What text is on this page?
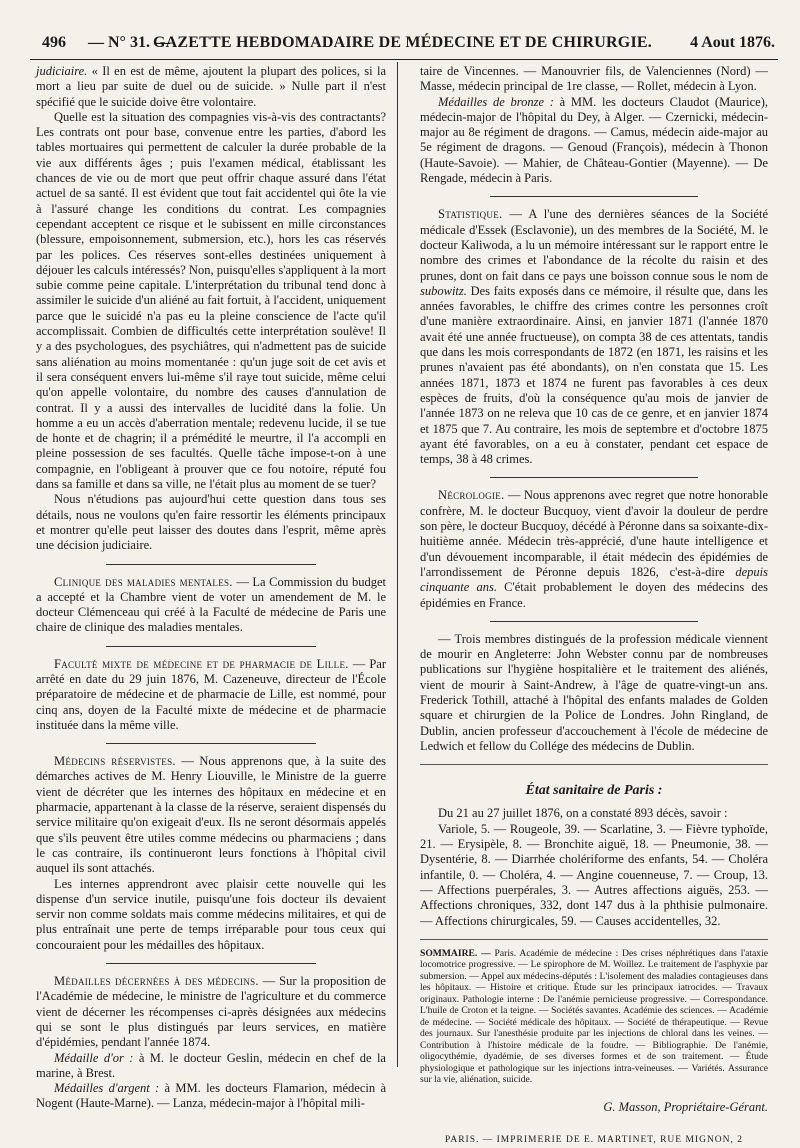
496 — N° 31. —
GAZETTE HEBDOMADAIRE DE MÉDECINE ET DE CHIRURGIE.	4 Aout 1876.

judiciaire. « Il en est de même, ajoutent la plupart des polices, si la mort a lieu par suite de duel ou de suicide. » Nulle part il n'est spécifié que le suicide doive être volontaire.

Quelle est la situation des compagnies vis-à-vis des contractants? Les contrats ont pour base, convenue entre les parties, d'abord les tables mortuaires qui permettent de calculer la durée probable de la vie aux différents âges ; puis l'examen médical, établissant les chances de vie ou de mort que peut offrir chaque assuré dans l'état actuel de sa santé. Il est évident que tout fait accidentel qui ôte la vie à l'assuré change les conditions du contrat. Les compagnies cependant acceptent ce risque et le subissent en mille circonstances (blessure, empoisonnement, submersion, etc.), hors les cas réservés par les polices. Ces réserves sont-elles destinées uniquement à déjouer les calculs intéressés? Non, puisqu'elles s'appliquent à la mort subie comme peine capitale. L'interprétation du tribunal tend donc à assimiler le suicide d'un aliéné au fait fortuit, à l'accident, uniquement parce que le suicidé n'a pas eu la pleine conscience de l'acte qu'il accomplissait. Combien de difficultés cette interprétation soulève! Il y a des psychologues, des psychiâtres, qui n'admettent pas de suicide sans aliénation au moins momentanée : qu'un juge soit de cet avis et il sera conséquent envers lui-même s'il raye tout suicide, même celui qu'on appelle volontaire, du nombre des causes d'annulation de contrat. Il y a aussi des intervalles de lucidité dans la folie. Un homme a eu un accès d'aberration mentale; redevenu lucide, il se tue de honte et de chagrin; il a prémédité le meurtre, il l'a accompli en pleine possession de ses facultés. Quelle tâche impose-t-on à une compagnie, en l'obligeant à prouver que ce fou notoire, réputé fou dans sa famille et dans sa ville, ne l'était plus au moment de se tuer?

Nous n'étudions pas aujourd'hui cette question dans tous ses détails, nous ne voulons qu'en faire ressortir les éléments principaux et montrer qu'elle peut laisser des doutes dans l'esprit, même après une décision judiciaire.

Clinique des maladies mentales. — La Commission du budget a accepté et la Chambre vient de voter un amendement de M. le docteur Clémenceau qui créé à la Faculté de médecine de Paris une chaire de clinique des maladies mentales.

Faculté mixte de médecine et de pharmacie de Lille. — Par arrêté en date du 29 juin 1876, M. Cazeneuve, directeur de l'École préparatoire de médecine et de pharmacie de Lille, est nommé, pour cinq ans, doyen de la Faculté mixte de médecine et de pharmacie instituée dans la même ville.

Médecins réservistes. — Nous apprenons que, à la suite des démarches actives de M. Henry Liouville, le Ministre de la guerre vient de décréter que les internes des hôpitaux en médecine et en pharmacie, appartenant à la classe de la réserve, seraient dispensés du service militaire qu'on exigeait d'eux. Ils ne seront désormais appelés que s'ils peuvent être utiles comme médecins ou pharmaciens ; dans le cas contraire, ils continueront leurs fonctions à l'hôpital civil auquel ils sont attachés.

Les internes apprendront avec plaisir cette nouvelle qui les dispense d'un service inutile, puisqu'une fois docteur ils devaient servir non comme soldats mais comme médecins militaires, et qui de plus entraînait une perte de temps irréparable pour tous ceux qui concouraient pour les médailles des hôpitaux.

Médailles décernées à des médecins. — Sur la proposition de l'Académie de médecine, le ministre de l'agriculture et du commerce vient de décerner les récompenses ci-après désignées aux médecins qui se sont le plus distingués par leurs services, en matière d'épidémies, pendant l'année 1874.

Médaille d'or : à M. le docteur Geslin, médecin en chef de la marine, à Brest.

Médailles d'argent : à MM. les docteurs Flamarion, médecin à Nogent (Haute-Marne). — Lanza, médecin-major à l'hôpital mili-

taire de Vincennes. — Manouvrier fils, de Valenciennes (Nord) — Masse, médecin principal de 1re classe, — Rollet, médecin à Lyon.

Médailles de bronze : à MM. les docteurs Claudot (Maurice), médecin-major de l'hôpital du Dey, à Alger. — Czernicki, médecin-major au 8e régiment de dragons. — Camus, médecin aide-major au 5e régiment de dragons. — Genoud (François), médecin à Thonon (Haute-Savoie). — Mahier, de Château-Gontier (Mayenne). — De Rengade, médecin à Paris.

Statistique. — A l'une des dernières séances de la Société médicale d'Essek (Esclavonie), un des membres de la Société, M. le docteur Kaliwoda, a lu un mémoire intéressant sur le rapport entre le nombre des crimes et l'abondance de la récolte du raisin et des prunes, dont on fait dans ce pays une boisson connue sous le nom de subowitz. Des faits exposés dans ce mémoire, il résulte que, dans les années favorables, le chiffre des crimes contre les personnes croît d'une manière extraordinaire. Ainsi, en janvier 1871 (l'année 1870 avait été une année fructueuse), on compta 38 de ces attentats, tandis que dans les mois correspondants de 1872 (en 1871, les raisins et les prunes n'avaient pas été abondants), on n'en constata que 15. Les années 1871, 1873 et 1874 ne furent pas favorables à ces deux espèces de fruits, d'où la conséquence qu'au mois de janvier de l'année 1873 on ne releva que 10 cas de ce genre, et en janvier 1874 et 1875 que 7. Au contraire, les mois de septembre et d'octobre 1875 ayant été favorables, on a eu à constater, pendant cet espace de temps, 38 à 48 crimes.

Nécrologie. — Nous apprenons avec regret que notre honorable confrère, M. le docteur Bucquoy, vient d'avoir la douleur de perdre son père, le docteur Bucquoy, décédé à Péronne dans sa soixante-dix-huitième année. Médecin très-apprécié, d'une haute intelligence et d'un dévouement incomparable, il était médecin des épidémies de l'arrondissement de Péronne depuis 1826, c'est-à-dire depuis cinquante ans. C'était probablement le doyen des médecins des épidémies en France.

— Trois membres distingués de la profession médicale viennent de mourir en Angleterre: John Webster connu par de nombreuses publications sur l'hygiène hospitalière et le traitement des aliénés, vient de mourir à Saint-Andrew, à l'âge de quatre-vingt-un ans. Frederick Tothill, attaché à l'hôpital des enfants malades de Golden square et chirurgien de la Police de Londres. John Ringland, de Dublin, ancien professeur d'accouchement à l'école de médecine de Ledwich et fellow du Collége des médecins de Dublin.

État sanitaire de Paris :

Du 21 au 27 juillet 1876, on a constaté 893 décès, savoir :

Variole, 5. — Rougeole, 39. — Scarlatine, 3. — Fièvre typhoïde, 21. — Erysipèle, 8. — Bronchite aiguë, 18. — Pneumonie, 38. — Dysentérie, 8. — Diarrhée cholériforme des enfants, 54. — Choléra infantile, 0. — Choléra, 4. — Angine couenneuse, 7. — Croup, 13. — Affections puerpérales, 3. — Autres affections aiguës, 253. — Affections chroniques, 332, dont 147 dus à la phthisie pulmonaire. — Affections chirurgicales, 59. — Causes accidentelles, 32.

SOMMAIRE. — Paris. Académie de médecine : Des crises néphrétiques dans l'ataxie locomotrice progressive. — Le spirophore de M. Woillez. Le traitement de l'asphyxie par submersion. — Appel aux médecins-députés : L'isolement des maladies contagieuses dans les hôpitaux. — Histoire et critique. Étude sur les principaux iatrocides. — Travaux originaux. Pathologie interne : De l'anémie pernicieuse progressive. — Correspondance. L'huile de Croton et la teigne. — Sociétés savantes. Académie des sciences. — Académie de médecine. — Société médicale des hôpitaux. — Société de thérapeutique. — Revue des journaux. Sur l'anesthésie produite par les injections de chloral dans les veines. — Contribution à l'histoire médicale de la foudre. — Bibliographie. De l'anémie, oligocythémie, dyadémie, de ses diverses formes et de son traitement. — Étude physiologique et pathologique sur les injections intra-veineuses. — Variétés. Assurance sur la vie, aliénation, suicide.

G. Masson, Propriétaire-Gérant.
PARIS. — IMPRIMERIE DE E. MARTINET, RUE MIGNON, 2
